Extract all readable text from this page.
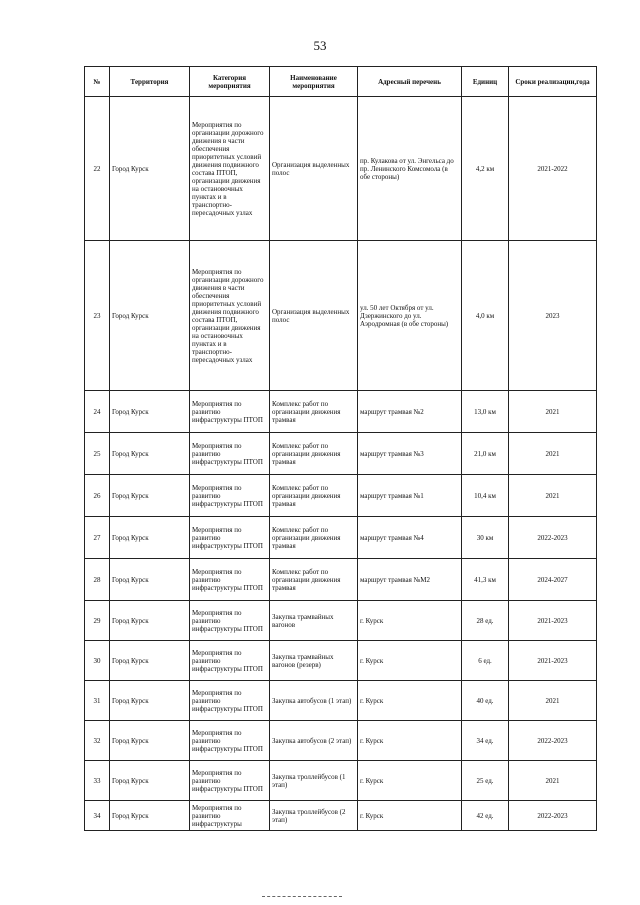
53
№	Территория	Категория мероприятия	Наименование мероприятия	Адресный перечень	Единиц	Сроки реализации,года
22	Город Курск	Мероприятия по организации дорожного движения в части обеспечения приоритетных условий движения подвижного состава ПТОП, организации движения на остановочных пунктах и в транспортно-пересадочных узлах	Организация выделенных полос	пр. Кулакова от ул. Энгельса до пр. Ленинского Комсомола (в обе стороны)	4,2 км	2021-2022
23	Город Курск	Мероприятия по организации дорожного движения в части обеспечения приоритетных условий движения подвижного состава ПТОП, организации движения на остановочных пунктах и в транспортно-пересадочных узлах	Организация выделенных полос	ул. 50 лет Октября от ул. Дзержинского до ул. Аэродромная (в обе стороны)	4,0 км	2023
24	Город Курск	Мероприятия по развитию инфраструктуры ПТОП	Комплекс работ по организации движения трамвая	маршрут трамвая №2	13,0 км	2021
25	Город Курск	Мероприятия по развитию инфраструктуры ПТОП	Комплекс работ по организации движения трамвая	маршрут трамвая №3	21,0 км	2021
26	Город Курск	Мероприятия по развитию инфраструктуры ПТОП	Комплекс работ по организации движения трамвая	маршрут трамвая №1	10,4 км	2021
27	Город Курск	Мероприятия по развитию инфраструктуры ПТОП	Комплекс работ по организации движения трамвая	маршрут трамвая №4	30 км	2022-2023
28	Город Курск	Мероприятия по развитию инфраструктуры ПТОП	Комплекс работ по организации движения трамвая	маршрут трамвая №М2	41,3 км	2024-2027
29	Город Курск	Мероприятия по развитию инфраструктуры ПТОП	Закупка трамвайных вагонов	г. Курск	28 ед.	2021-2023
30	Город Курск	Мероприятия по развитию инфраструктуры ПТОП	Закупка трамвайных вагонов (резерв)	г. Курск	6 ед.	2021-2023
31	Город Курск	Мероприятия по развитию инфраструктуры ПТОП	Закупка автобусов (1 этап)	г. Курск	40 ед.	2021
32	Город Курск	Мероприятия по развитию инфраструктуры ПТОП	Закупка автобусов (2 этап)	г. Курск	34 ед.	2022-2023
33	Город Курск	Мероприятия по развитию инфраструктуры ПТОП	Закупка троллейбусов (1 этап)	г. Курск	25 ед.	2021
34	Город Курск	Мероприятия по развитию инфраструктуры	Закупка троллейбусов (2 этап)	г. Курск	42 ед.	2022-2023
